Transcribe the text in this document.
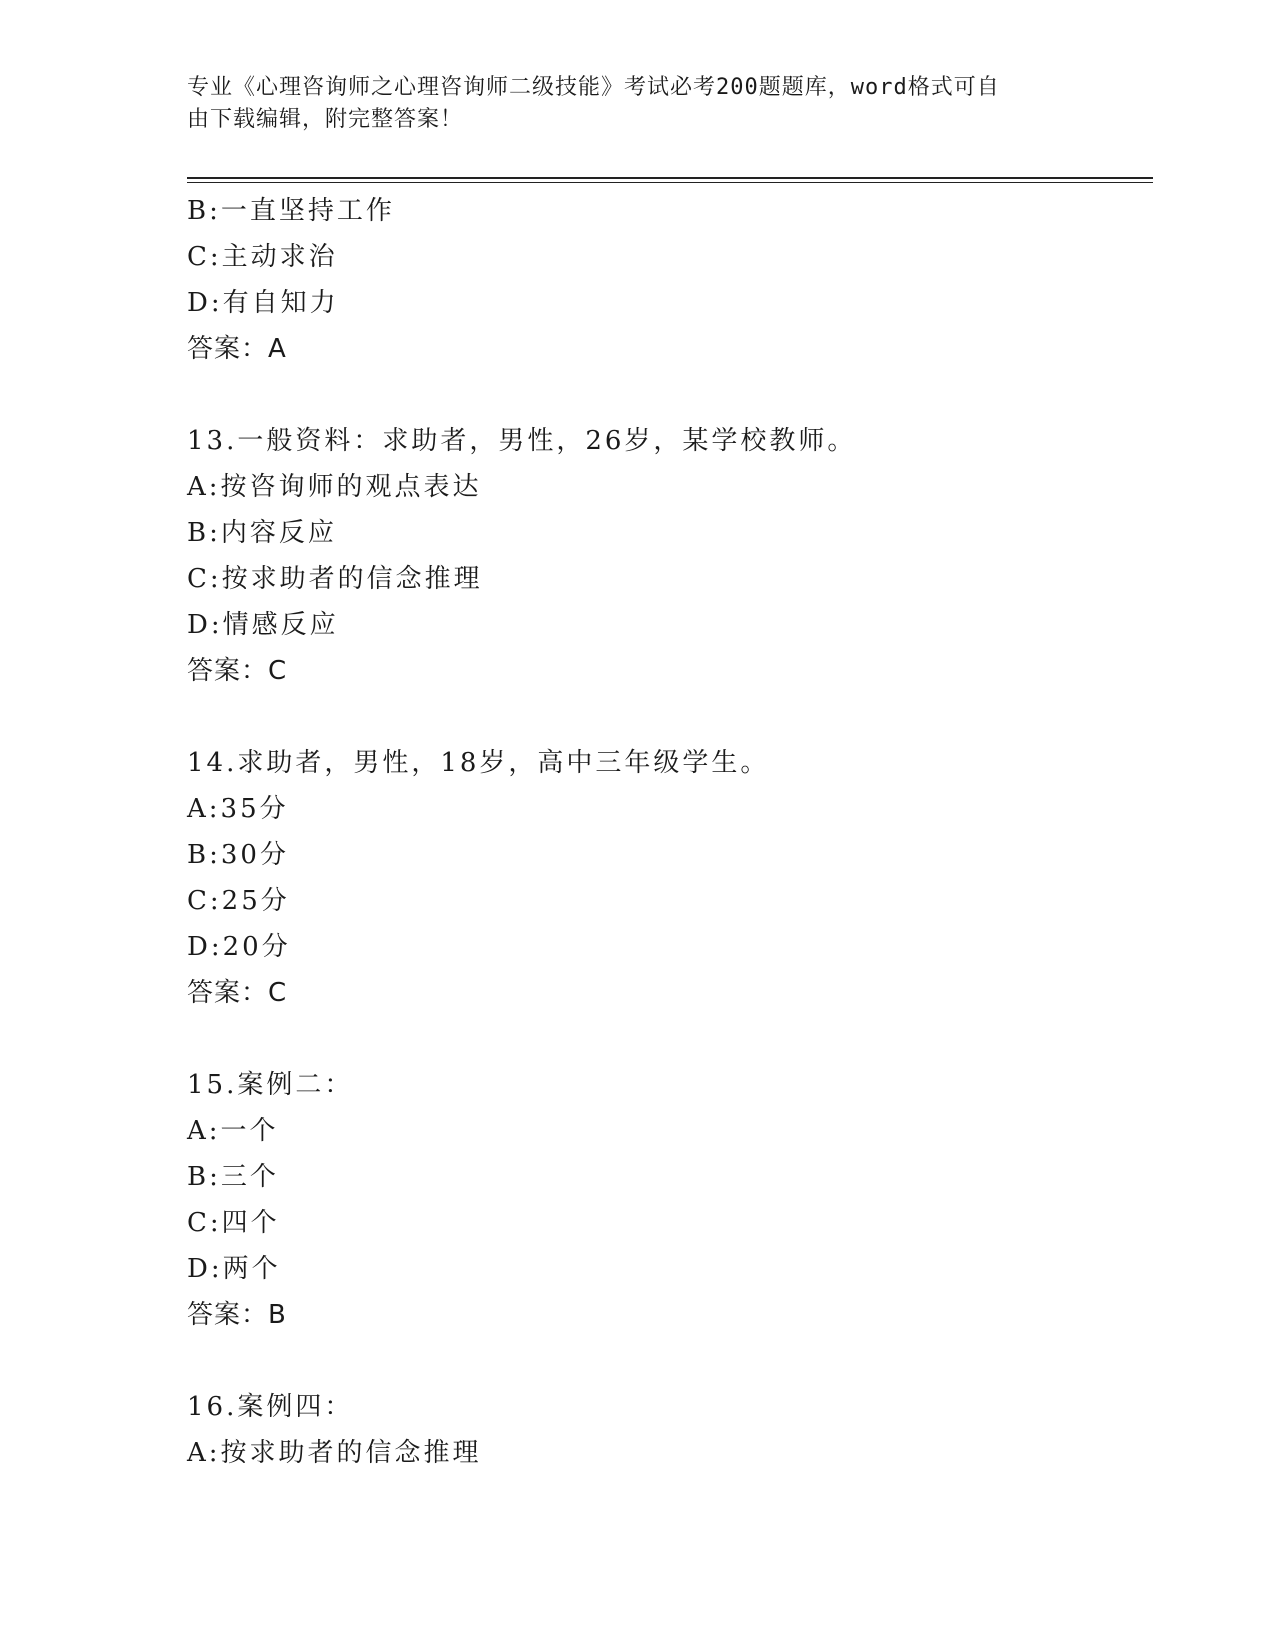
专业《心理咨询师之心理咨询师二级技能》考试必考200题题库，word格式可自
由下载编辑，附完整答案！
B:一直坚持工作
C:主动求治
D:有自知力
答案：A
13.一般资料：求助者，男性，26岁，某学校教师。
A:按咨询师的观点表达
B:内容反应
C:按求助者的信念推理
D:情感反应
答案：C
14.求助者，男性，18岁，高中三年级学生。
A:35分
B:30分
C:25分
D:20分
答案：C
15.案例二：
A:一个
B:三个
C:四个
D:两个
答案：B
16.案例四：
A:按求助者的信念推理
